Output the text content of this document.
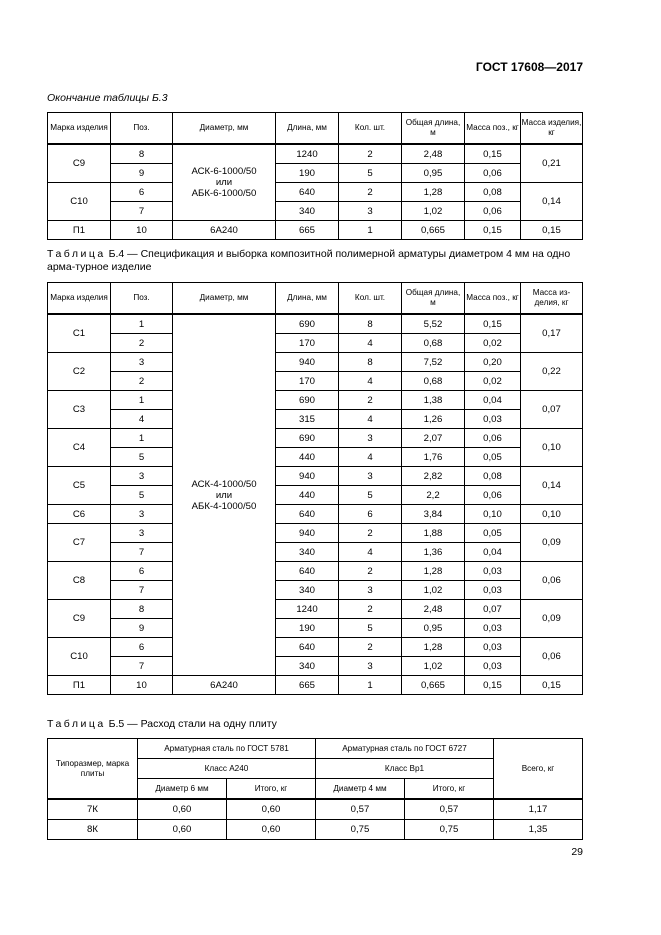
ГОСТ 17608—2017
Окончание таблицы Б.3
Марка изделия	Поз.	Диаметр, мм	Длина, мм	Кол. шт.	Общая длина, м	Масса поз., кг	Масса изделия, кг
С9	8	АСК-6-1000/50
или
АБК-6-1000/50	1240	2	2,48	0,15	0,21
	9		190	5	0,95	0,06	
С10	6		640	2	1,28	0,08	0,14
	7		340	3	1,02	0,06	
П1	10	6А240	665	1	0,665	0,15	0,15
Таблица Б.4 — Спецификация и выборка композитной полимерной арматуры диаметром 4 мм на одно арма-турное изделие
Марка изделия	Поз.	Диаметр, мм	Длина, мм	Кол. шт.	Общая длина, м	Масса поз., кг	Масса из-делия, кг
С1	1	АСК-4-1000/50
или
АБК-4-1000/50	690	8	5,52	0,15	0,17
	2		170	4	0,68	0,02	
С2	3		940	8	7,52	0,20	0,22
	2		170	4	0,68	0,02	
С3	1		690	2	1,38	0,04	0,07
	4		315	4	1,26	0,03	
С4	1		690	3	2,07	0,06	0,10
	5		440	4	1,76	0,05	
С5	3		940	3	2,82	0,08	0,14
	5		440	5	2,2	0,06	
С6	3		640	6	3,84	0,10	0,10
С7	3		940	2	1,88	0,05	0,09
	7		340	4	1,36	0,04	
С8	6		640	2	1,28	0,03	0,06
	7		340	3	1,02	0,03	
С9	8		1240	2	2,48	0,07	0,09
	9		190	5	0,95	0,03	
С10	6		640	2	1,28	0,03	0,06
	7		340	3	1,02	0,03	
П1	10	6А240	665	1	0,665	0,15	0,15
Таблица Б.5 — Расход стали на одну плиту
Типоразмер, марка плиты	Арматурная сталь по ГОСТ 5781		Арматурная сталь по ГОСТ 6727		Всего, кг
	Класс А240		Класс Вр1		
	Диаметр 6 мм	Итого, кг	Диаметр 4 мм	Итого, кг	
7К	0,60	0,60	0,57	0,57	1,17
8К	0,60	0,60	0,75	0,75	1,35
29
